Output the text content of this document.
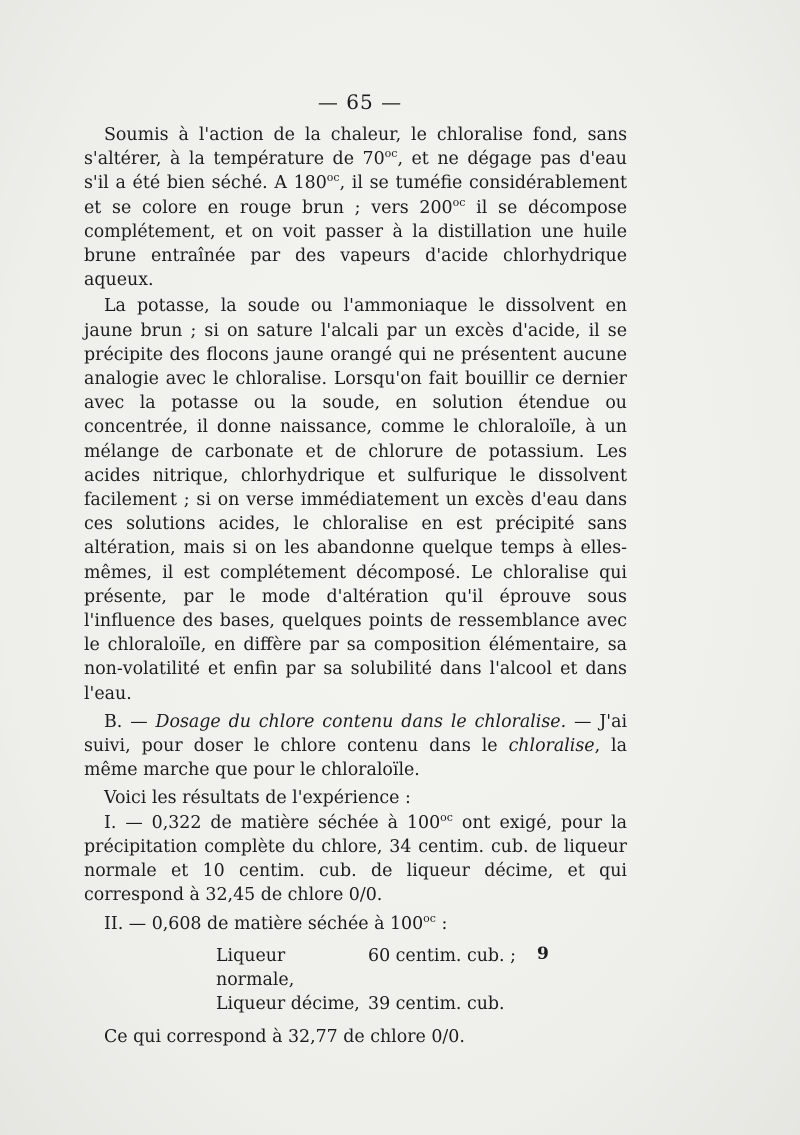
— 65 —

Soumis à l'action de la chaleur, le chloralise fond, sans s'altérer, à la température de $70^{oc}$, et ne dégage pas d'eau s'il a été bien séché. A $180^{oc}$, il se tuméfie considérablement et se colore en rouge brun ; vers $200^{oc}$ il se décompose complétement, et on voit passer à la distillation une huile brune entraînée par des vapeurs d'acide chlorhydrique aqueux.

La potasse, la soude ou l'ammoniaque le dissolvent en jaune brun ; si on sature l'alcali par un excès d'acide, il se précipite des flocons jaune orangé qui ne présentent aucune analogie avec le chloralise. Lorsqu'on fait bouillir ce dernier avec la potasse ou la soude, en solution étendue ou concentrée, il donne naissance, comme le chloraloïle, à un mélange de carbonate et de chlorure de potassium. Les acides nitrique, chlorhydrique et sulfurique le dissolvent facilement ; si on verse immédiatement un excès d'eau dans ces solutions acides, le chloralise en est précipité sans altération, mais si on les abandonne quelque temps à elles-mêmes, il est complétement décomposé. Le chloralise qui présente, par le mode d'altération qu'il éprouve sous l'influence des bases, quelques points de ressemblance avec le chloraloïle, en diffère par sa composition élémentaire, sa non-volatilité et enfin par sa solubilité dans l'alcool et dans l'eau.

B. — Dosage du chlore contenu dans le chloralise. — J'ai suivi, pour doser le chlore contenu dans le chloralise, la même marche que pour le chloraloïle.

Voici les résultats de l'expérience :

I. — 0,322 de matière séchée à $100^{oc}$ ont exigé, pour la précipitation complète du chlore, 34 centim. cub. de liqueur normale et 10 centim. cub. de liqueur décime, et qui correspond à 32,45 de chlore 0/0.

II. — 0,608 de matière séchée à $100^{oc}$ :

Liqueur normale,	60 centim. cub. ;
Liqueur décime,	39 centim. cub.

Ce qui correspond à 32,77 de chlore 0/0.

9
